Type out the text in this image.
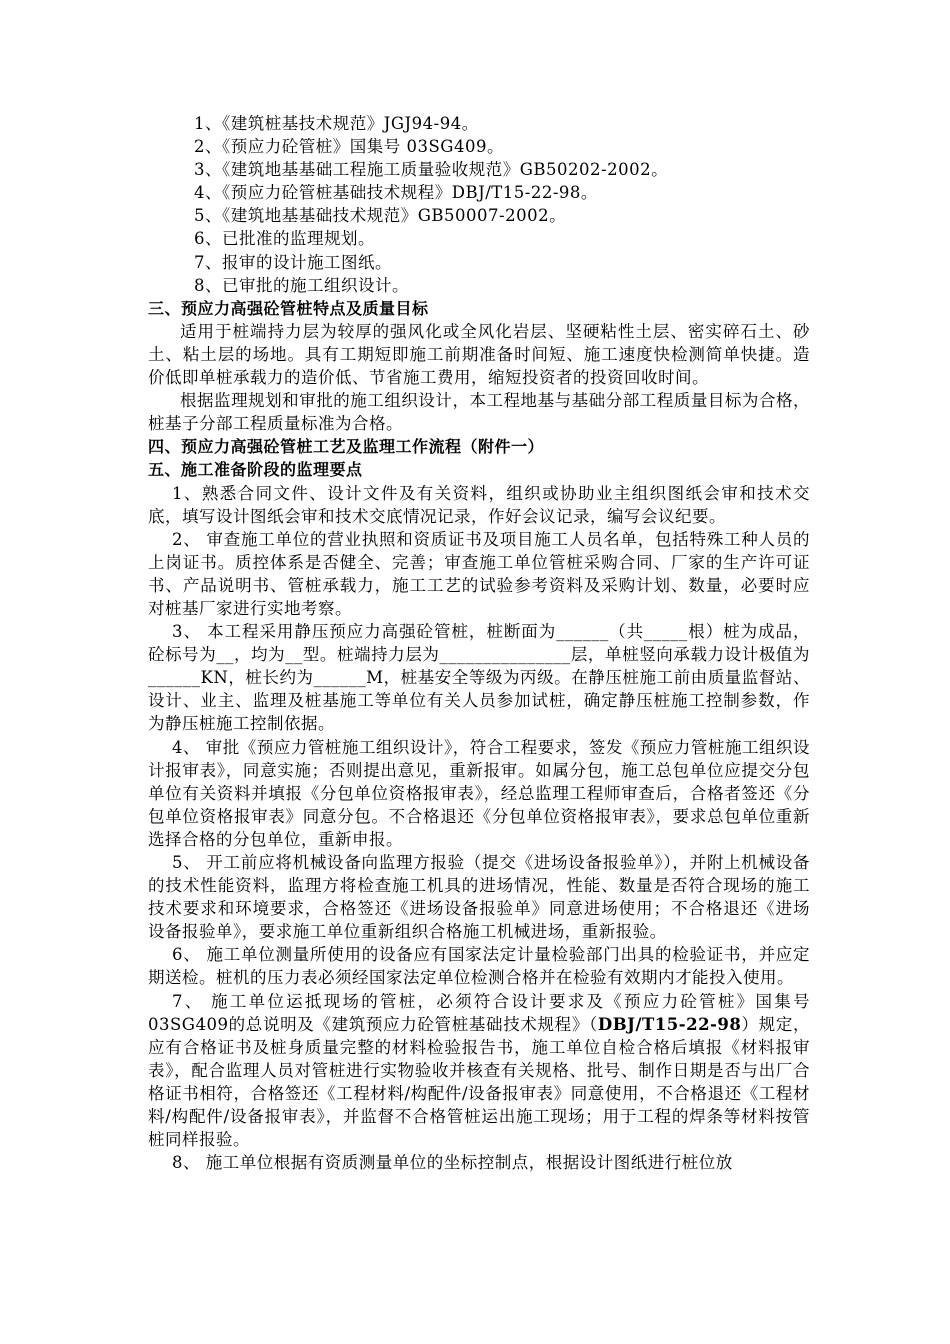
1、《建筑桩基技术规范》JGJ94-94。

2、《预应力砼管桩》国集号 03SG409。

3、《建筑地基基础工程施工质量验收规范》GB50202-2002。

4、《预应力砼管桩基础技术规程》DBJ/T15-22-98。

5、《建筑地基基础技术规范》GB50007-2002。

6、已批准的监理规划。

7、报审的设计施工图纸。

8、已审批的施工组织设计。

三、预应力高强砼管桩特点及质量目标

适用于桩端持力层为较厚的强风化或全风化岩层、坚硬粘性土层、密实碎石土、砂土、粘土层的场地。具有工期短即施工前期准备时间短、施工速度快检测简单快捷。造价低即单桩承载力的造价低、节省施工费用，缩短投资者的投资回收时间。

根据监理规划和审批的施工组织设计，本工程地基与基础分部工程质量目标为合格，桩基子分部工程质量标准为合格。

四、预应力高强砼管桩工艺及监理工作流程（附件一）

五、施工准备阶段的监理要点

1、熟悉合同文件、设计文件及有关资料，组织或协助业主组织图纸会审和技术交底，填写设计图纸会审和技术交底情况记录，作好会议记录，编写会议纪要。

2、 审查施工单位的营业执照和资质证书及项目施工人员名单，包括特殊工种人员的上岗证书。质控体系是否健全、完善；审查施工单位管桩采购合同、厂家的生产许可证书、产品说明书、管桩承载力，施工工艺的试验参考资料及采购计划、数量，必要时应对桩基厂家进行实地考察。

3、 本工程采用静压预应力高强砼管桩，桩断面为______（共_____根）桩为成品，砼标号为__，均为__型。桩端持力层为_______________层，单桩竖向承载力设计极值为______KN，桩长约为______M，桩基安全等级为丙级。在静压桩施工前由质量监督站、设计、业主、监理及桩基施工等单位有关人员参加试桩，确定静压桩施工控制参数，作为静压桩施工控制依据。

4、 审批《预应力管桩施工组织设计》，符合工程要求，签发《预应力管桩施工组织设计报审表》，同意实施；否则提出意见，重新报审。如属分包，施工总包单位应提交分包单位有关资料并填报《分包单位资格报审表》，经总监理工程师审查后，合格者签还《分包单位资格报审表》同意分包。不合格退还《分包单位资格报审表》，要求总包单位重新选择合格的分包单位，重新申报。

5、 开工前应将机械设备向监理方报验（提交《进场设备报验单》），并附上机械设备的技术性能资料，监理方将检查施工机具的进场情况，性能、数量是否符合现场的施工技术要求和环境要求，合格签还《进场设备报验单》同意进场使用；不合格退还《进场设备报验单》，要求施工单位重新组织合格施工机械进场，重新报验。

6、 施工单位测量所使用的设备应有国家法定计量检验部门出具的检验证书，并应定期送检。桩机的压力表必须经国家法定单位检测合格并在检验有效期内才能投入使用。

7、 施工单位运抵现场的管桩，必须符合设计要求及《预应力砼管桩》国集号 03SG409的总说明及《建筑预应力砼管桩基础技术规程》（DBJ/T15-22-98）规定，应有合格证书及桩身质量完整的材料检验报告书，施工单位自检合格后填报《材料报审表》，配合监理人员对管桩进行实物验收并核查有关规格、批号、制作日期是否与出厂合格证书相符，合格签还《工程材料/构配件/设备报审表》同意使用，不合格退还《工程材料/构配件/设备报审表》，并监督不合格管桩运出施工现场；用于工程的焊条等材料按管桩同样报验。

8、 施工单位根据有资质测量单位的坐标控制点，根据设计图纸进行桩位放
